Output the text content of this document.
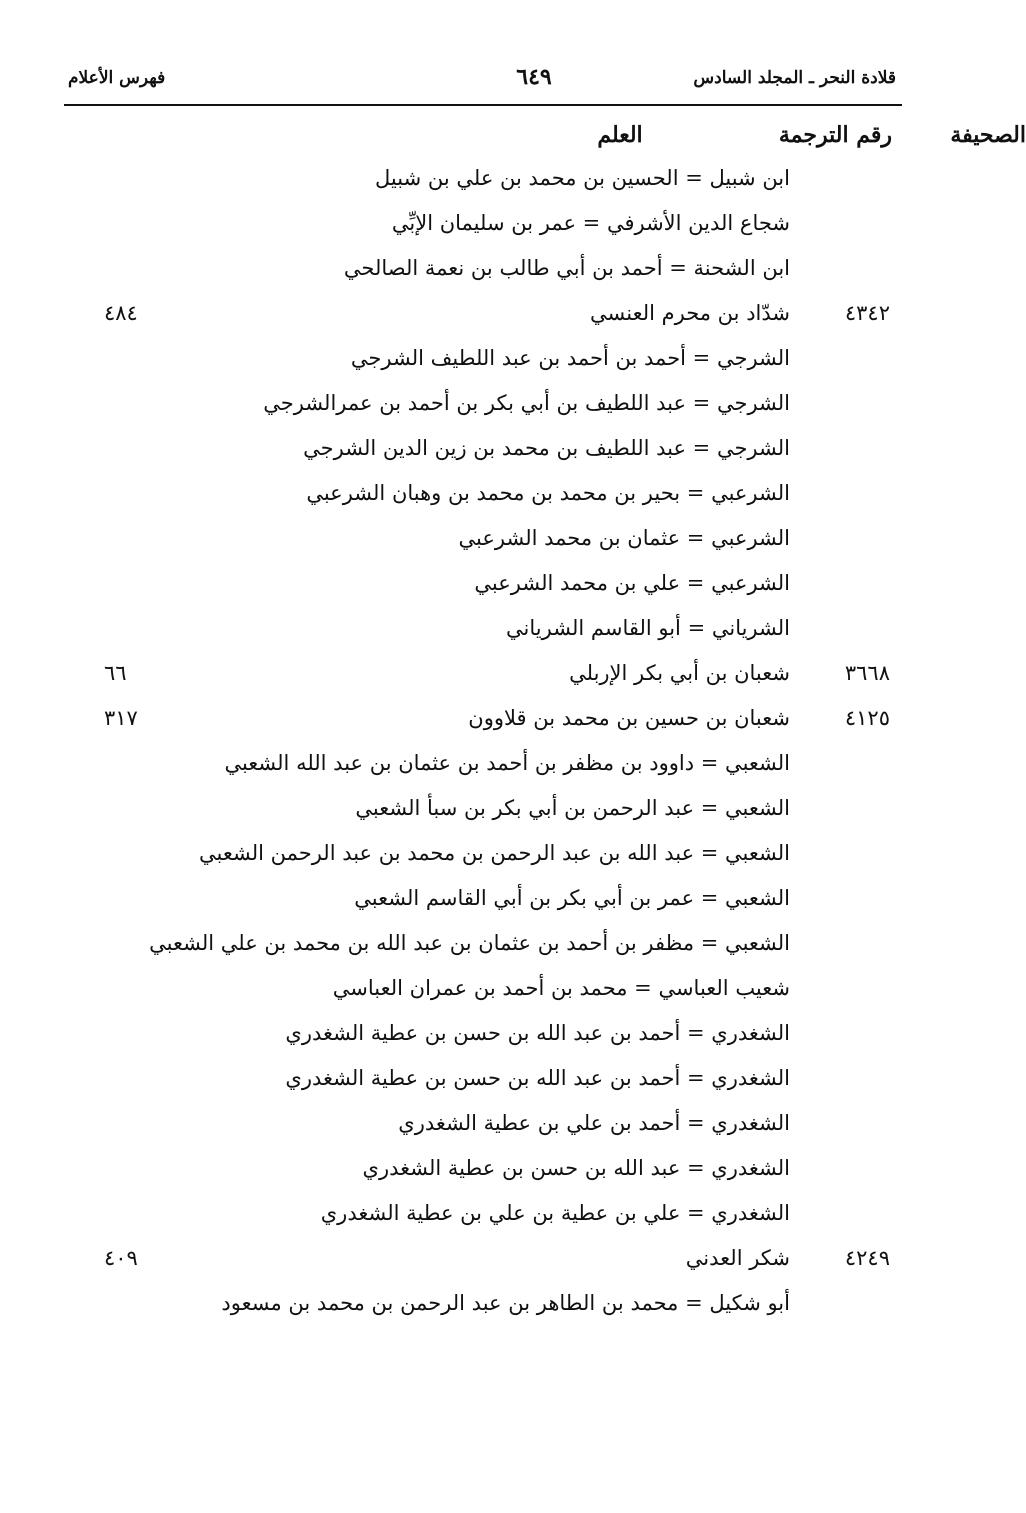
قلادة النحر ـ المجلد السادس
٦٤٩
فهرس الأعلام
رقم الترجمة
العلم	الصحيفة
ابن شبيل = الحسين بن محمد بن علي بن شبيل
شجاع الدين الأشرفي = عمر بن سليمان الإبِّي
ابن الشحنة = أحمد بن أبي طالب بن نعمة الصالحي
٤٣٤٢
شدّاد بن محرم العنسي
٤٨٤
الشرجي = أحمد بن أحمد بن عبد اللطيف الشرجي
الشرجي = عبد اللطيف بن أبي بكر بن أحمد بن عمرالشرجي
الشرجي = عبد اللطيف بن محمد بن زين الدين الشرجي
الشرعبي = بحير بن محمد بن محمد بن وهبان الشرعبي
الشرعبي = عثمان بن محمد الشرعبي
الشرعبي = علي بن محمد الشرعبي
الشرياني = أبو القاسم الشرياني
٣٦٦٨
شعبان بن أبي بكر الإربلي
٦٦
٤١٢٥
شعبان بن حسين بن محمد بن قلاوون
٣١٧
الشعبي = داوود بن مظفر بن أحمد بن عثمان بن عبد الله الشعبي
الشعبي = عبد الرحمن بن أبي بكر بن سبأ الشعبي
الشعبي = عبد الله بن عبد الرحمن بن محمد بن عبد الرحمن الشعبي
الشعبي = عمر بن أبي بكر بن أبي القاسم الشعبي
الشعبي = مظفر بن أحمد بن عثمان بن عبد الله بن محمد بن علي الشعبي
شعيب العباسي = محمد بن أحمد بن عمران العباسي
الشغدري = أحمد بن عبد الله بن حسن بن عطية الشغدري
الشغدري = أحمد بن عبد الله بن حسن بن عطية الشغدري
الشغدري = أحمد بن علي بن عطية الشغدري
الشغدري = عبد الله بن حسن بن عطية الشغدري
الشغدري = علي بن عطية بن علي بن عطية الشغدري
٤٢٤٩
شكر العدني
٤٠٩
أبو شكيل = محمد بن الطاهر بن عبد الرحمن بن محمد بن مسعود
